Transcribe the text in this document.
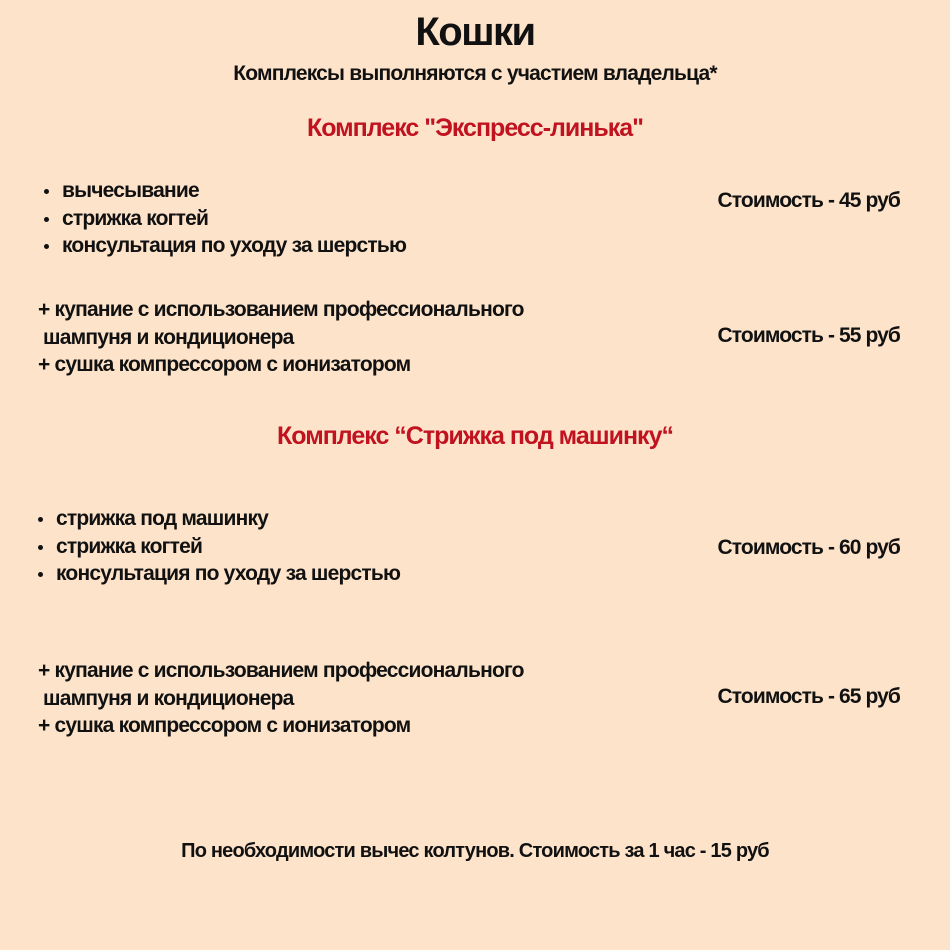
Кошки
Комплексы выполняются с участием владельца*
Комплекс "Экспресс-линька"
вычесывание
стрижка когтей
консультация по уходу за шерстью
Стоимость - 45 руб
+ купание с использованием профессионального
шампуня и кондиционера
+ сушка компрессором с ионизатором
Стоимость - 55 руб
Комплекс “Стрижка под машинку“
стрижка под машинку
стрижка когтей
консультация по уходу за шерстью
Стоимость - 60 руб
+ купание с использованием профессионального
шампуня и кондиционера
+ сушка компрессором с ионизатором
Стоимость - 65 руб
По необходимости вычес колтунов. Стоимость за 1 час - 15 руб
